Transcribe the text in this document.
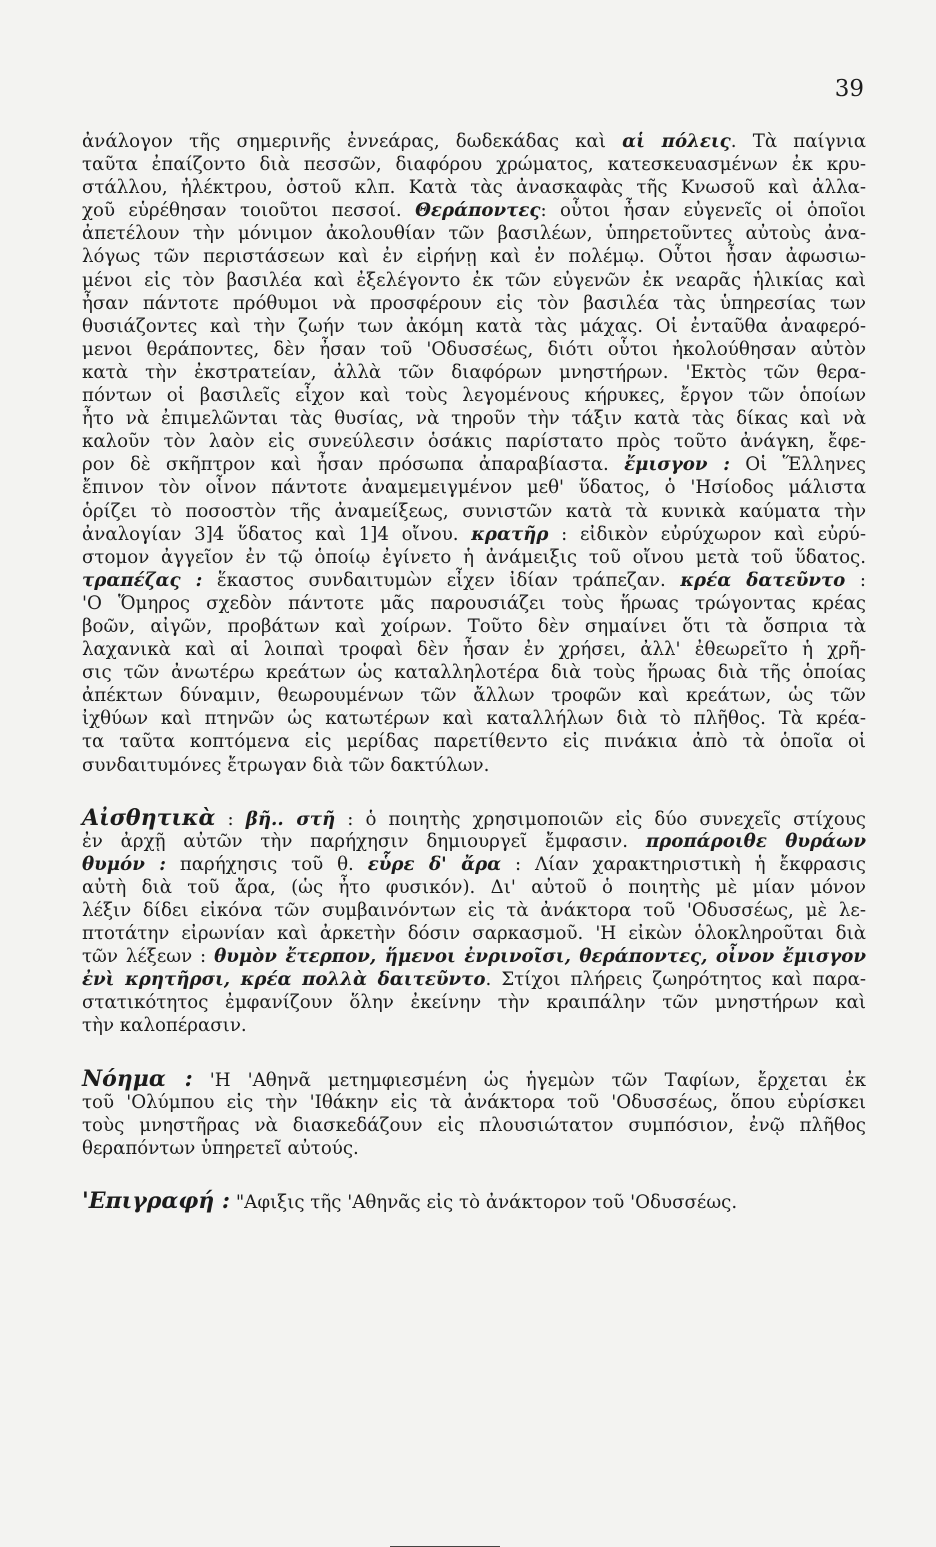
39
ἀνάλογον τῆς σημερινῆς ἐννεάρας, δωδεκάδας καὶ αἱ πόλεις. Τὰ παίγνια
ταῦτα ἐπαίζοντο διὰ πεσσῶν, διαφόρου χρώματος, κατεσκευασμένων ἐκ κρυ-
στάλλου, ἠλέκτρου, ὀστοῦ κλπ. Κατὰ τὰς ἀνασκαφὰς τῆς Κνωσοῦ καὶ ἀλλα-
χοῦ εὑρέθησαν τοιοῦτοι πεσσοί. Θεράποντες: οὗτοι ἦσαν εὐγενεῖς οἱ ὁποῖοι
ἀπετέλουν τὴν μόνιμον ἀκολουθίαν τῶν βασιλέων, ὑπηρετοῦντες αὐτοὺς ἀνα-
λόγως τῶν περιστάσεων καὶ ἐν εἰρήνῃ καὶ ἐν πολέμῳ. Οὗτοι ἦσαν ἀφωσιω-
μένοι εἰς τὸν βασιλέα καὶ ἐξελέγοντο ἐκ τῶν εὐγενῶν ἐκ νεαρᾶς ἡλικίας καὶ
ἦσαν πάντοτε πρόθυμοι νὰ προσφέρουν εἰς τὸν βασιλέα τὰς ὑπηρεσίας των
θυσιάζοντες καὶ τὴν ζωήν των ἀκόμη κατὰ τὰς μάχας. Οἱ ἐνταῦθα ἀναφερό-
μενοι θεράποντες, δὲν ἦσαν τοῦ 'Οδυσσέως, διότι οὗτοι ἠκολούθησαν αὐτὸν
κατὰ τὴν ἐκστρατείαν, ἀλλὰ τῶν διαφόρων μνηστήρων. 'Εκτὸς τῶν θερα-
πόντων οἱ βασιλεῖς εἶχον καὶ τοὺς λεγομένους κήρυκες, ἔργον τῶν ὁποίων
ἦτο νὰ ἐπιμελῶνται τὰς θυσίας, νὰ τηροῦν τὴν τάξιν κατὰ τὰς δίκας καὶ νὰ
καλοῦν τὸν λαὸν εἰς συνεύλεσιν ὁσάκις παρίστατο πρὸς τοῦτο ἀνάγκη, ἔφε-
ρον δὲ σκῆπτρον καὶ ἦσαν πρόσωπα ἀπαραβίαστα. ἔμισγον : Οἱ Ἕλληνες
ἔπινον τὸν οἶνον πάντοτε ἀναμεμειγμένον μεθ' ὕδατος, ὁ 'Ησίοδος μάλιστα
ὁρίζει τὸ ποσοστὸν τῆς ἀναμείξεως, συνιστῶν κατὰ τὰ κυνικὰ καύματα τὴν
ἀναλογίαν 3]4 ὕδατος καὶ 1]4 οἴνου. κρατῆρ : εἰδικὸν εὐρύχωρον καὶ εὐρύ-
στομον ἀγγεῖον ἐν τῷ ὁποίῳ ἐγίνετο ἡ ἀνάμειξις τοῦ οἴνου μετὰ τοῦ ὕδατος.
τραπέζας : ἕκαστος συνδαιτυμὼν εἶχεν ἰδίαν τράπεζαν. κρέα δατεῦντο :
'Ο Ὅμηρος σχεδὸν πάντοτε μᾶς παρουσιάζει τοὺς ἥρωας τρώγοντας κρέας
βοῶν, αἰγῶν, προβάτων καὶ χοίρων. Τοῦτο δὲν σημαίνει ὅτι τὰ ὄσπρια τὰ
λαχανικὰ καὶ αἱ λοιπαὶ τροφαὶ δὲν ἦσαν ἐν χρήσει, ἀλλ' ἐθεωρεῖτο ἡ χρῆ-
σις τῶν ἀνωτέρω κρεάτων ὡς καταλληλοτέρα διὰ τοὺς ἥρωας διὰ τῆς ὁποίας
ἀπέκτων δύναμιν, θεωρουμένων τῶν ἄλλων τροφῶν καὶ κρεάτων, ὡς τῶν
ἰχθύων καὶ πτηνῶν ὡς κατωτέρων καὶ καταλλήλων διὰ τὸ πλῆθος. Τὰ κρέα-
τα ταῦτα κοπτόμενα εἰς μερίδας παρετίθεντο εἰς πινάκια ἀπὸ τὰ ὁποῖα οἱ
συνδαιτυμόνες ἔτρωγαν διὰ τῶν δακτύλων.
Αἰσθητικὰ : βῆ.. στῆ : ὁ ποιητὴς χρησιμοποιῶν εἰς δύο συνεχεῖς στίχους
ἐν ἀρχῇ αὐτῶν τὴν παρήχησιν δημιουργεῖ ἔμφασιν. προπάροιθε θυράων
θυμόν : παρήχησις τοῦ θ. εὗρε δ' ἄρα : Λίαν χαρακτηριστικὴ ἡ ἔκφρασις
αὐτὴ διὰ τοῦ ἄρα, (ὡς ἦτο φυσικόν). Δι' αὐτοῦ ὁ ποιητὴς μὲ μίαν μόνον
λέξιν δίδει εἰκόνα τῶν συμβαινόντων εἰς τὰ ἀνάκτορα τοῦ 'Οδυσσέως, μὲ λε-
πτοτάτην εἰρωνίαν καὶ ἀρκετὴν δόσιν σαρκασμοῦ. 'Η εἰκὼν ὁλοκληροῦται διὰ
τῶν λέξεων : θυμὸν ἔτερπον, ἥμενοι ἐνρινοῖσι, θεράποντες, οἶνον ἔμισγον
ἐνὶ κρητῆρσι, κρέα πολλὰ δαιτεῦντο. Στίχοι πλήρεις ζωηρότητος καὶ παρα-
στατικότητος ἐμφανίζουν ὅλην ἐκείνην τὴν κραιπάλην τῶν μνηστήρων καὶ
τὴν καλοπέρασιν.
Νόημα : 'Η 'Αθηνᾶ μετημφιεσμένη ὡς ἡγεμὼν τῶν Ταφίων, ἔρχεται ἐκ
τοῦ 'Ολύμπου εἰς τὴν 'Ιθάκην εἰς τὰ ἀνάκτορα τοῦ 'Οδυσσέως, ὅπου εὑρίσκει
τοὺς μνηστῆρας νὰ διασκεδάζουν εἰς πλουσιώτατον συμπόσιον, ἐνῷ πλῆθος
θεραπόντων ὑπηρετεῖ αὐτούς.
'Επιγραφή : "Αφιξις τῆς 'Αθηνᾶς εἰς τὸ ἀνάκτορον τοῦ 'Οδυσσέως.
